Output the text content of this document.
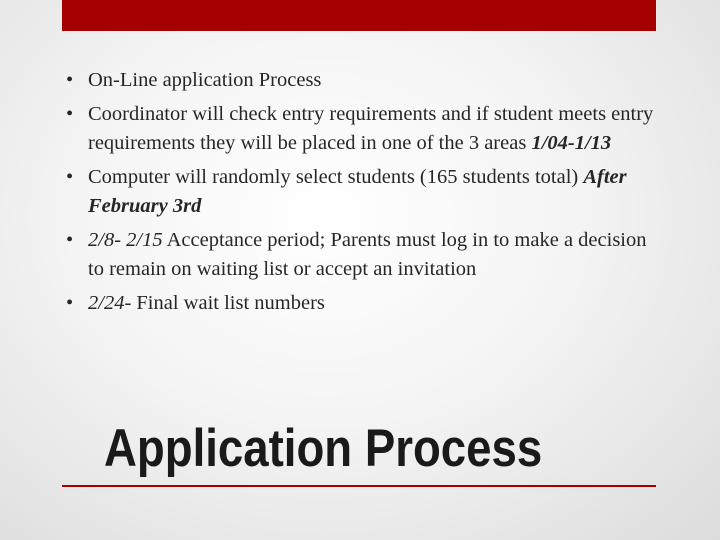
• On-Line application Process
• Coordinator will check entry requirements and if student meets entry requirements they will be placed in one of the 3 areas 1/04-1/13
• Computer will randomly select students (165 students total) After February 3rd
• 2/8- 2/15 Acceptance period; Parents must log in to make a decision to remain on waiting list or accept an invitation
• 2/24- Final wait list numbers
Application Process
